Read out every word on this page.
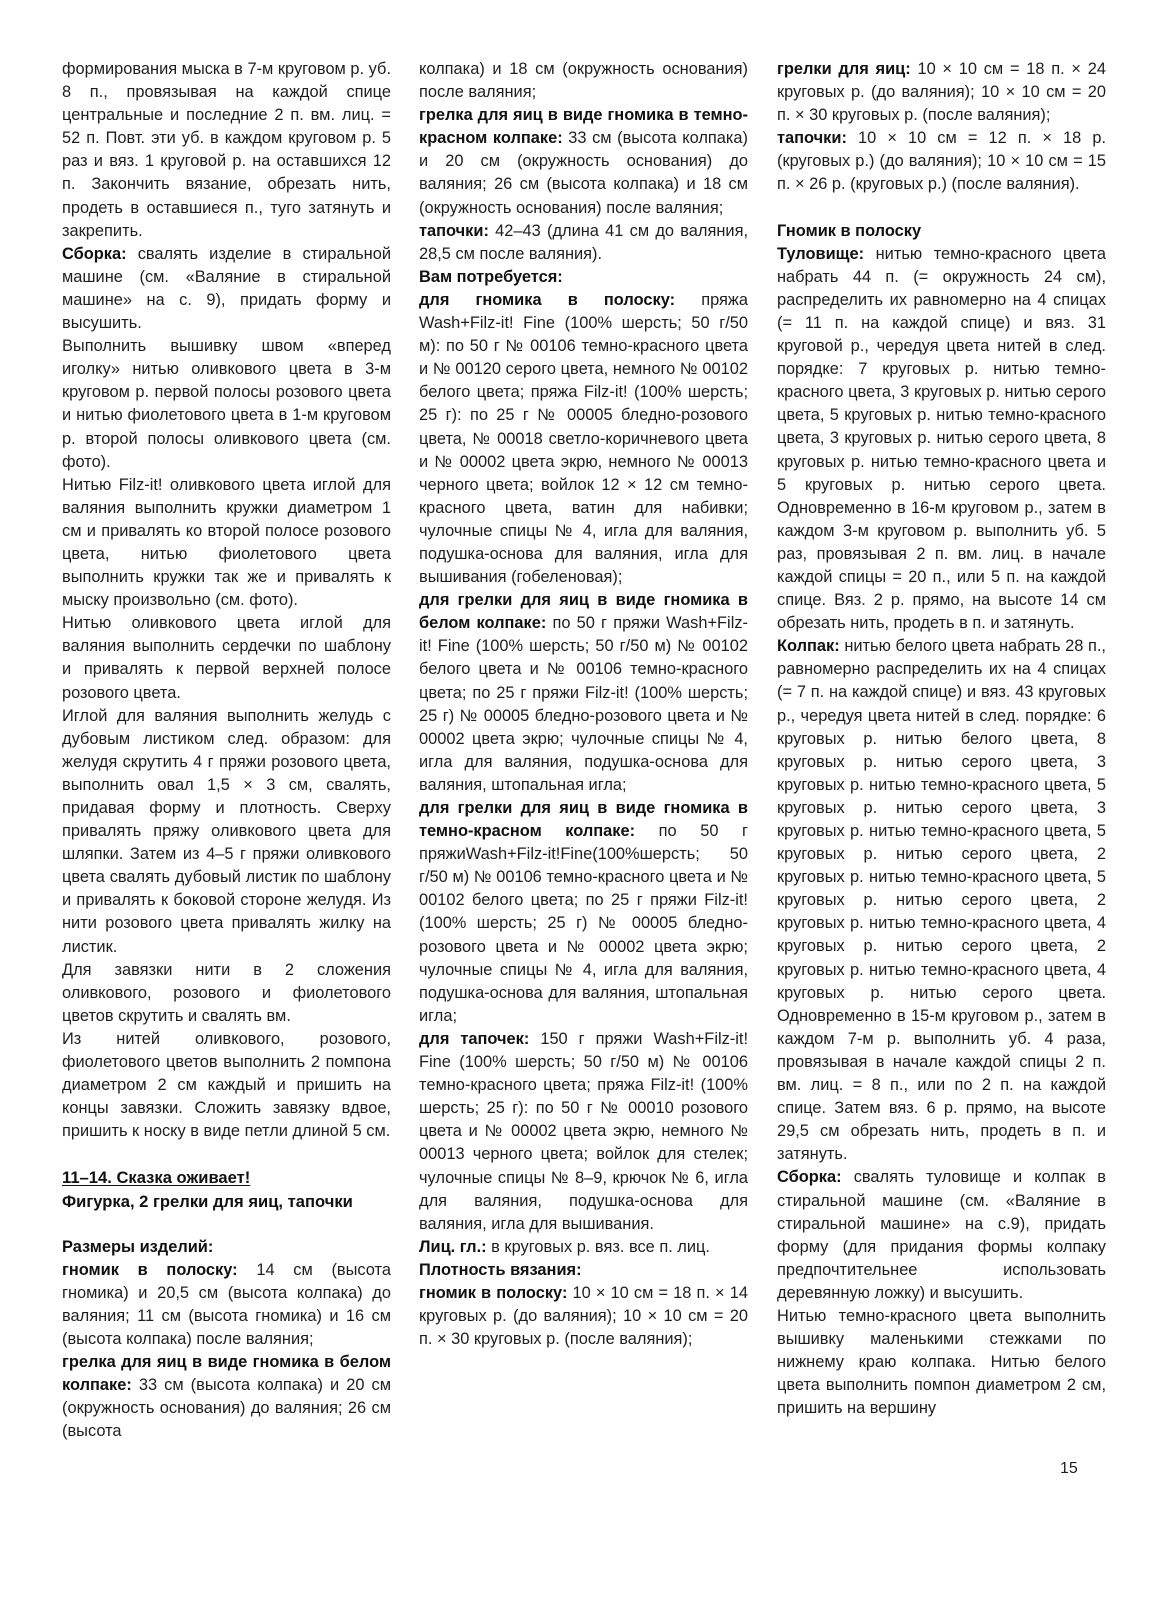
формирования мыска в 7-м круговом р. уб. 8 п., провязывая на каждой спице центральные и последние 2 п. вм. лиц. = 52 п. Повт. эти уб. в каждом круговом р. 5 раз и вяз. 1 круговой р. на оставшихся 12 п. Закончить вязание, обрезать нить, продеть в оставшиеся п., туго затянуть и закрепить.

Сборка: свалять изделие в стиральной машине (см. «Валяние в стиральной машине» на с. 9), придать форму и высушить.

Выполнить вышивку швом «вперед иголку» нитью оливкового цвета в 3-м круговом р. первой полосы розового цвета и нитью фиолетового цвета в 1-м круговом р. второй полосы оливкового цвета (см. фото).

Нитью Filz-it! оливкового цвета иглой для валяния выполнить кружки диаметром 1 см и привалять ко второй полосе розового цвета, нитью фиолетового цвета выполнить кружки так же и привалять к мыску произвольно (см. фото).

Нитью оливкового цвета иглой для валяния выполнить сердечки по шаблону и привалять к первой верхней полосе розового цвета.

Иглой для валяния выполнить желудь с дубовым листиком след. образом: для желудя скрутить 4 г пряжи розового цвета, выполнить овал 1,5 × 3 см, свалять, придавая форму и плотность. Сверху привалять пряжу оливкового цвета для шляпки. Затем из 4–5 г пряжи оливкового цвета свалять дубовый листик по шаблону и привалять к боковой стороне желудя. Из нити розового цвета привалять жилку на листик.

Для завязки нити в 2 сложения оливкового, розового и фиолетового цветов скрутить и свалять вм.

Из нитей оливкового, розового, фиолетового цветов выполнить 2 помпона диаметром 2 см каждый и пришить на концы завязки. Сложить завязку вдвое, пришить к носку в виде петли длиной 5 см.

11–14. Сказка оживает!

Фигурка, 2 грелки для яиц, тапочки

Размеры изделий:

гномик в полоску: 14 см (высота гномика) и 20,5 см (высота колпака) до валяния; 11 см (высота гномика) и 16 см (высота колпака) после валяния;

грелка для яиц в виде гномика в белом колпаке: 33 см (высота колпака) и 20 см (окружность основания) до валяния; 26 см (высота

колпака) и 18 см (окружность основания) после валяния;

грелка для яиц в виде гномика в темно-красном колпаке: 33 см (высота колпака) и 20 см (окружность основания) до валяния; 26 см (высота колпака) и 18 см (окружность основания) после валяния;

тапочки: 42–43 (длина 41 см до валяния, 28,5 см после валяния).

Вам потребуется:

для гномика в полоску: пряжа Wash+Filz-it! Fine (100% шерсть; 50 г/50 м): по 50 г № 00106 темно-красного цвета и № 00120 серого цвета, немного № 00102 белого цвета; пряжа Filz-it! (100% шерсть; 25 г): по 25 г № 00005 бледно-розового цвета, № 00018 светло-коричневого цвета и № 00002 цвета экрю, немного № 00013 черного цвета; войлок 12 × 12 см темно-красного цвета, ватин для набивки; чулочные спицы № 4, игла для валяния, подушка-основа для валяния, игла для вышивания (гобеленовая);

для грелки для яиц в виде гномика в белом колпаке: по 50 г пряжи Wash+Filz-it! Fine (100% шерсть; 50 г/50 м) № 00102 белого цвета и № 00106 темно-красного цвета; по 25 г пряжи Filz-it! (100% шерсть; 25 г) № 00005 бледно-розового цвета и № 00002 цвета экрю; чулочные спицы № 4, игла для валяния, подушка-основа для валяния, штопальная игла;

для грелки для яиц в виде гномика в темно-красном колпаке: по 50 г пряжиWash+Filz-it!Fine(100%шерсть; 50 г/50 м) № 00106 темно-красного цвета и № 00102 белого цвета; по 25 г пряжи Filz-it! (100% шерсть; 25 г) № 00005 бледно-розового цвета и № 00002 цвета экрю; чулочные спицы № 4, игла для валяния, подушка-основа для валяния, штопальная игла;

для тапочек: 150 г пряжи Wash+Filz-it! Fine (100% шерсть; 50 г/50 м) № 00106 темно-красного цвета; пряжа Filz-it! (100% шерсть; 25 г): по 50 г № 00010 розового цвета и № 00002 цвета экрю, немного № 00013 черного цвета; войлок для стелек; чулочные спицы № 8–9, крючок № 6, игла для валяния, подушка-основа для валяния, игла для вышивания.

Лиц. гл.: в круговых р. вяз. все п. лиц.

Плотность вязания:

гномик в полоску: 10 × 10 см = 18 п. × 14 круговых р. (до валяния); 10 × 10 см = 20 п. × 30 круговых р. (после валяния);

грелки для яиц: 10 × 10 см = 18 п. × 24 круговых р. (до валяния); 10 × 10 см = 20 п. × 30 круговых р. (после валяния);

тапочки: 10 × 10 см = 12 п. × 18 р. (круговых р.) (до валяния); 10 × 10 см = 15 п. × 26 р. (круговых р.) (после валяния).

Гномик в полоску

Туловище: нитью темно-красного цвета набрать 44 п. (= окружность 24 см), распределить их равномерно на 4 спицах (= 11 п. на каждой спице) и вяз. 31 круговой р., чередуя цвета нитей в след. порядке: 7 круговых р. нитью темно-красного цвета, 3 круговых р. нитью серого цвета, 5 круговых р. нитью темно-красного цвета, 3 круговых р. нитью серого цвета, 8 круговых р. нитью темно-красного цвета и 5 круговых р. нитью серого цвета. Одновременно в 16-м круговом р., затем в каждом 3-м круговом р. выполнить уб. 5 раз, провязывая 2 п. вм. лиц. в начале каждой спицы = 20 п., или 5 п. на каждой спице. Вяз. 2 р. прямо, на высоте 14 см обрезать нить, продеть в п. и затянуть.

Колпак: нитью белого цвета набрать 28 п., равномерно распределить их на 4 спицах (= 7 п. на каждой спице) и вяз. 43 круговых р., чередуя цвета нитей в след. порядке: 6 круговых р. нитью белого цвета, 8 круговых р. нитью серого цвета, 3 круговых р. нитью темно-красного цвета, 5 круговых р. нитью серого цвета, 3 круговых р. нитью темно-красного цвета, 5 круговых р. нитью серого цвета, 2 круговых р. нитью темно-красного цвета, 5 круговых р. нитью серого цвета, 2 круговых р. нитью темно-красного цвета, 4 круговых р. нитью серого цвета, 2 круговых р. нитью темно-красного цвета, 4 круговых р. нитью серого цвета. Одновременно в 15-м круговом р., затем в каждом 7-м р. выполнить уб. 4 раза, провязывая в начале каждой спицы 2 п. вм. лиц. = 8 п., или по 2 п. на каждой спице. Затем вяз. 6 р. прямо, на высоте 29,5 см обрезать нить, продеть в п. и затянуть.

Сборка: свалять туловище и колпак в стиральной машине (см. «Валяние в стиральной машине» на с.9), придать форму (для придания формы колпаку предпочтительнее использовать деревянную ложку) и высушить.

Нитью темно-красного цвета выполнить вышивку маленькими стежками по нижнему краю колпака. Нитью белого цвета выполнить помпон диаметром 2 см, пришить на вершину

15
